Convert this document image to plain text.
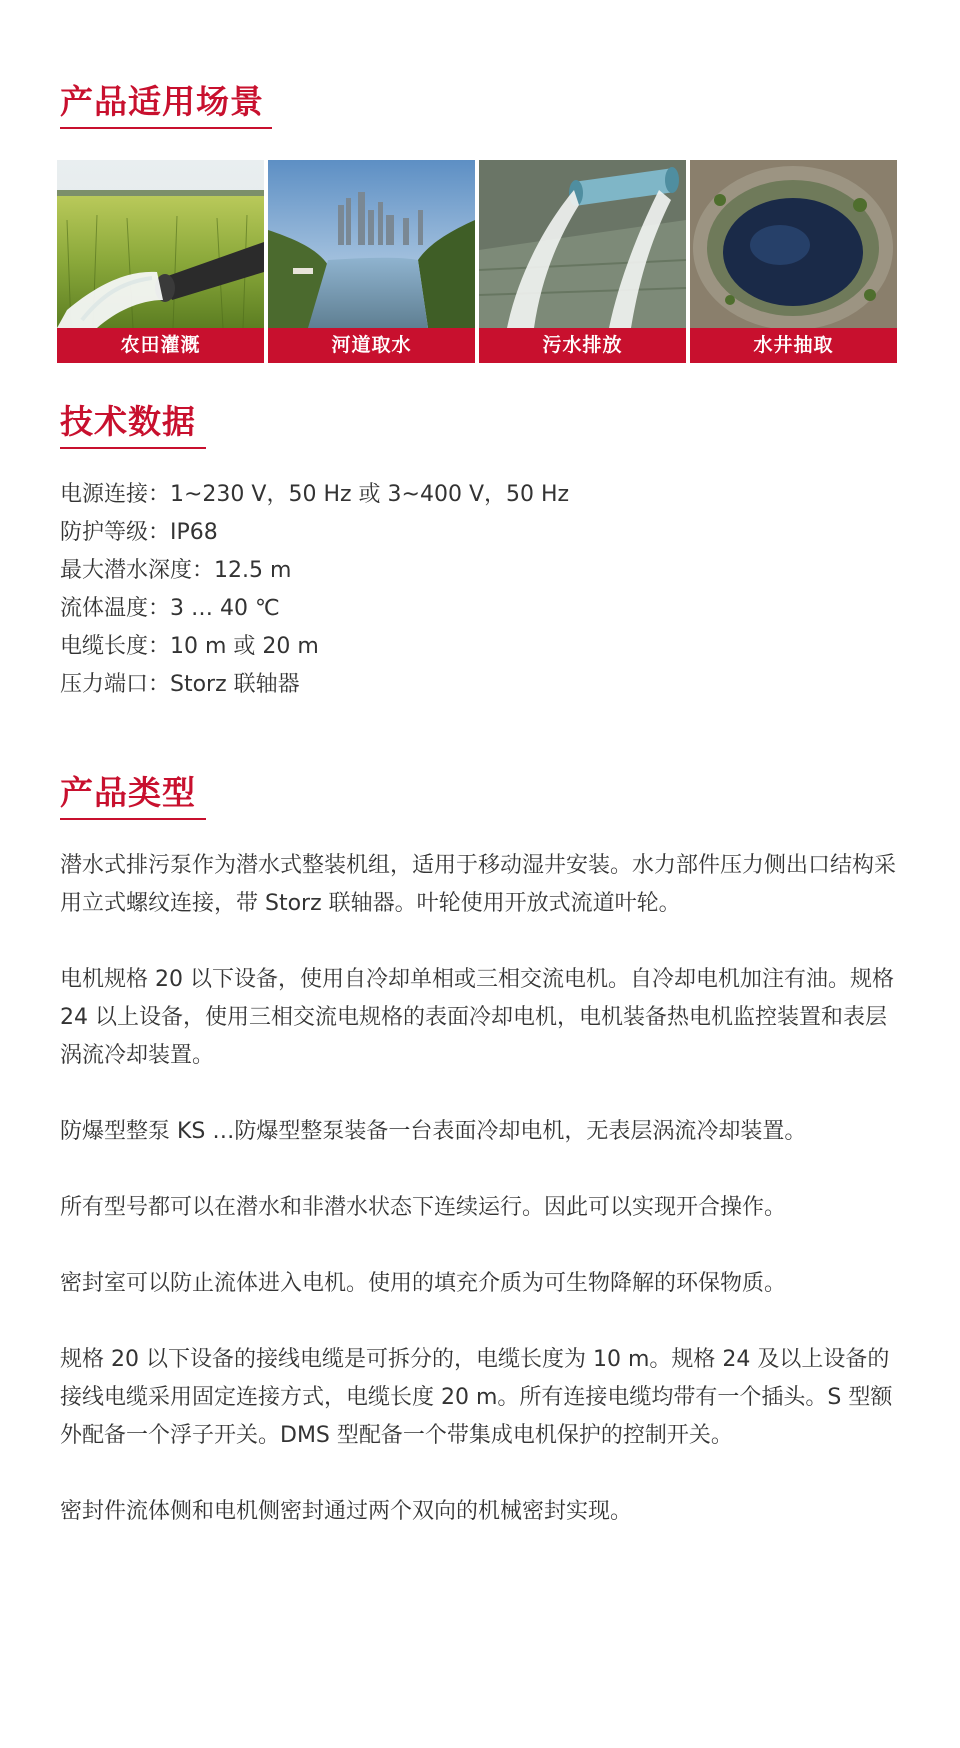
产品适用场景
农田灌溉	河道取水	污水排放	水井抽取
技术数据
电源连接：1~230 V，50 Hz 或 3~400 V，50 Hz
防护等级：IP68
最大潜水深度：12.5 m
流体温度：3 … 40 ℃
电缆长度：10 m 或 20 m
压力端口：Storz 联轴器
产品类型

潜水式排污泵作为潜水式整装机组，适用于移动湿井安装。水力部件压力侧出口结构采用立式螺纹连接，带 Storz 联轴器。叶轮使用开放式流道叶轮。

电机规格 20 以下设备，使用自冷却单相或三相交流电机。自冷却电机加注有油。规格 24 以上设备，使用三相交流电规格的表面冷却电机，电机装备热电机监控装置和表层涡流冷却装置。

防爆型整泵 KS …防爆型整泵装备一台表面冷却电机，无表层涡流冷却装置。

所有型号都可以在潜水和非潜水状态下连续运行。因此可以实现开合操作。

密封室可以防止流体进入电机。使用的填充介质为可生物降解的环保物质。

规格 20 以下设备的接线电缆是可拆分的，电缆长度为 10 m。规格 24 及以上设备的接线电缆采用固定连接方式，电缆长度 20 m。所有连接电缆均带有一个插头。S 型额外配备一个浮子开关。DMS 型配备一个带集成电机保护的控制开关。

密封件流体侧和电机侧密封通过两个双向的机械密封实现。
